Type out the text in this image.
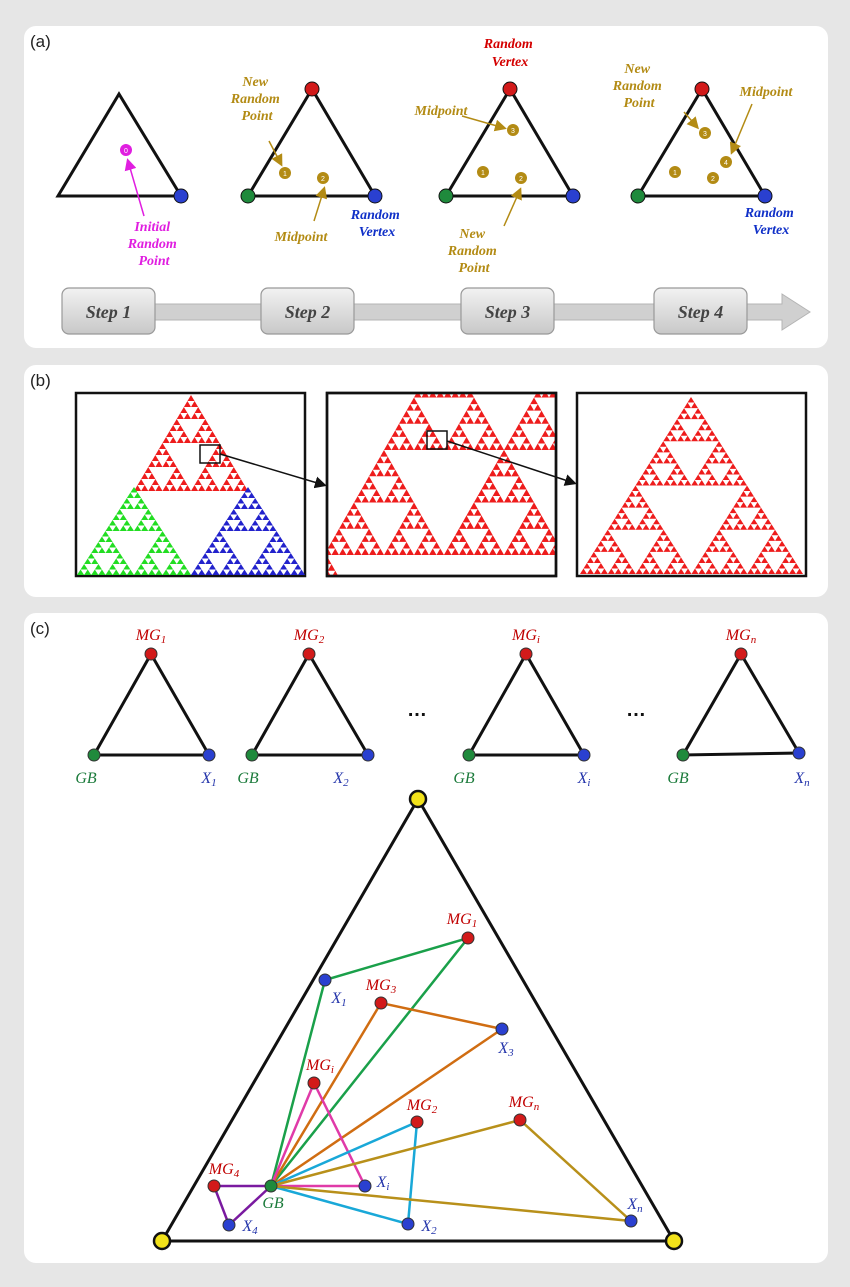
(a)
0
Initial Random Point
1
2
New Random Point
Midpoint
Random Vertex
1
2
3
Random Vertex
Midpoint
New Random Point
1
2
3
4
New Random Point
Midpoint
Random Vertex
Step 1	Step 2	Step 3	Step 4
(b)
(c)	MG1
GB	X1
MG2
GB	X2
…
MGi
GB	Xi
…
MGn
GB	Xn
MG1
X1
MG3
X3
MGi
Xi
MG2
X2
MGn
Xn
MG4
X4
GB
